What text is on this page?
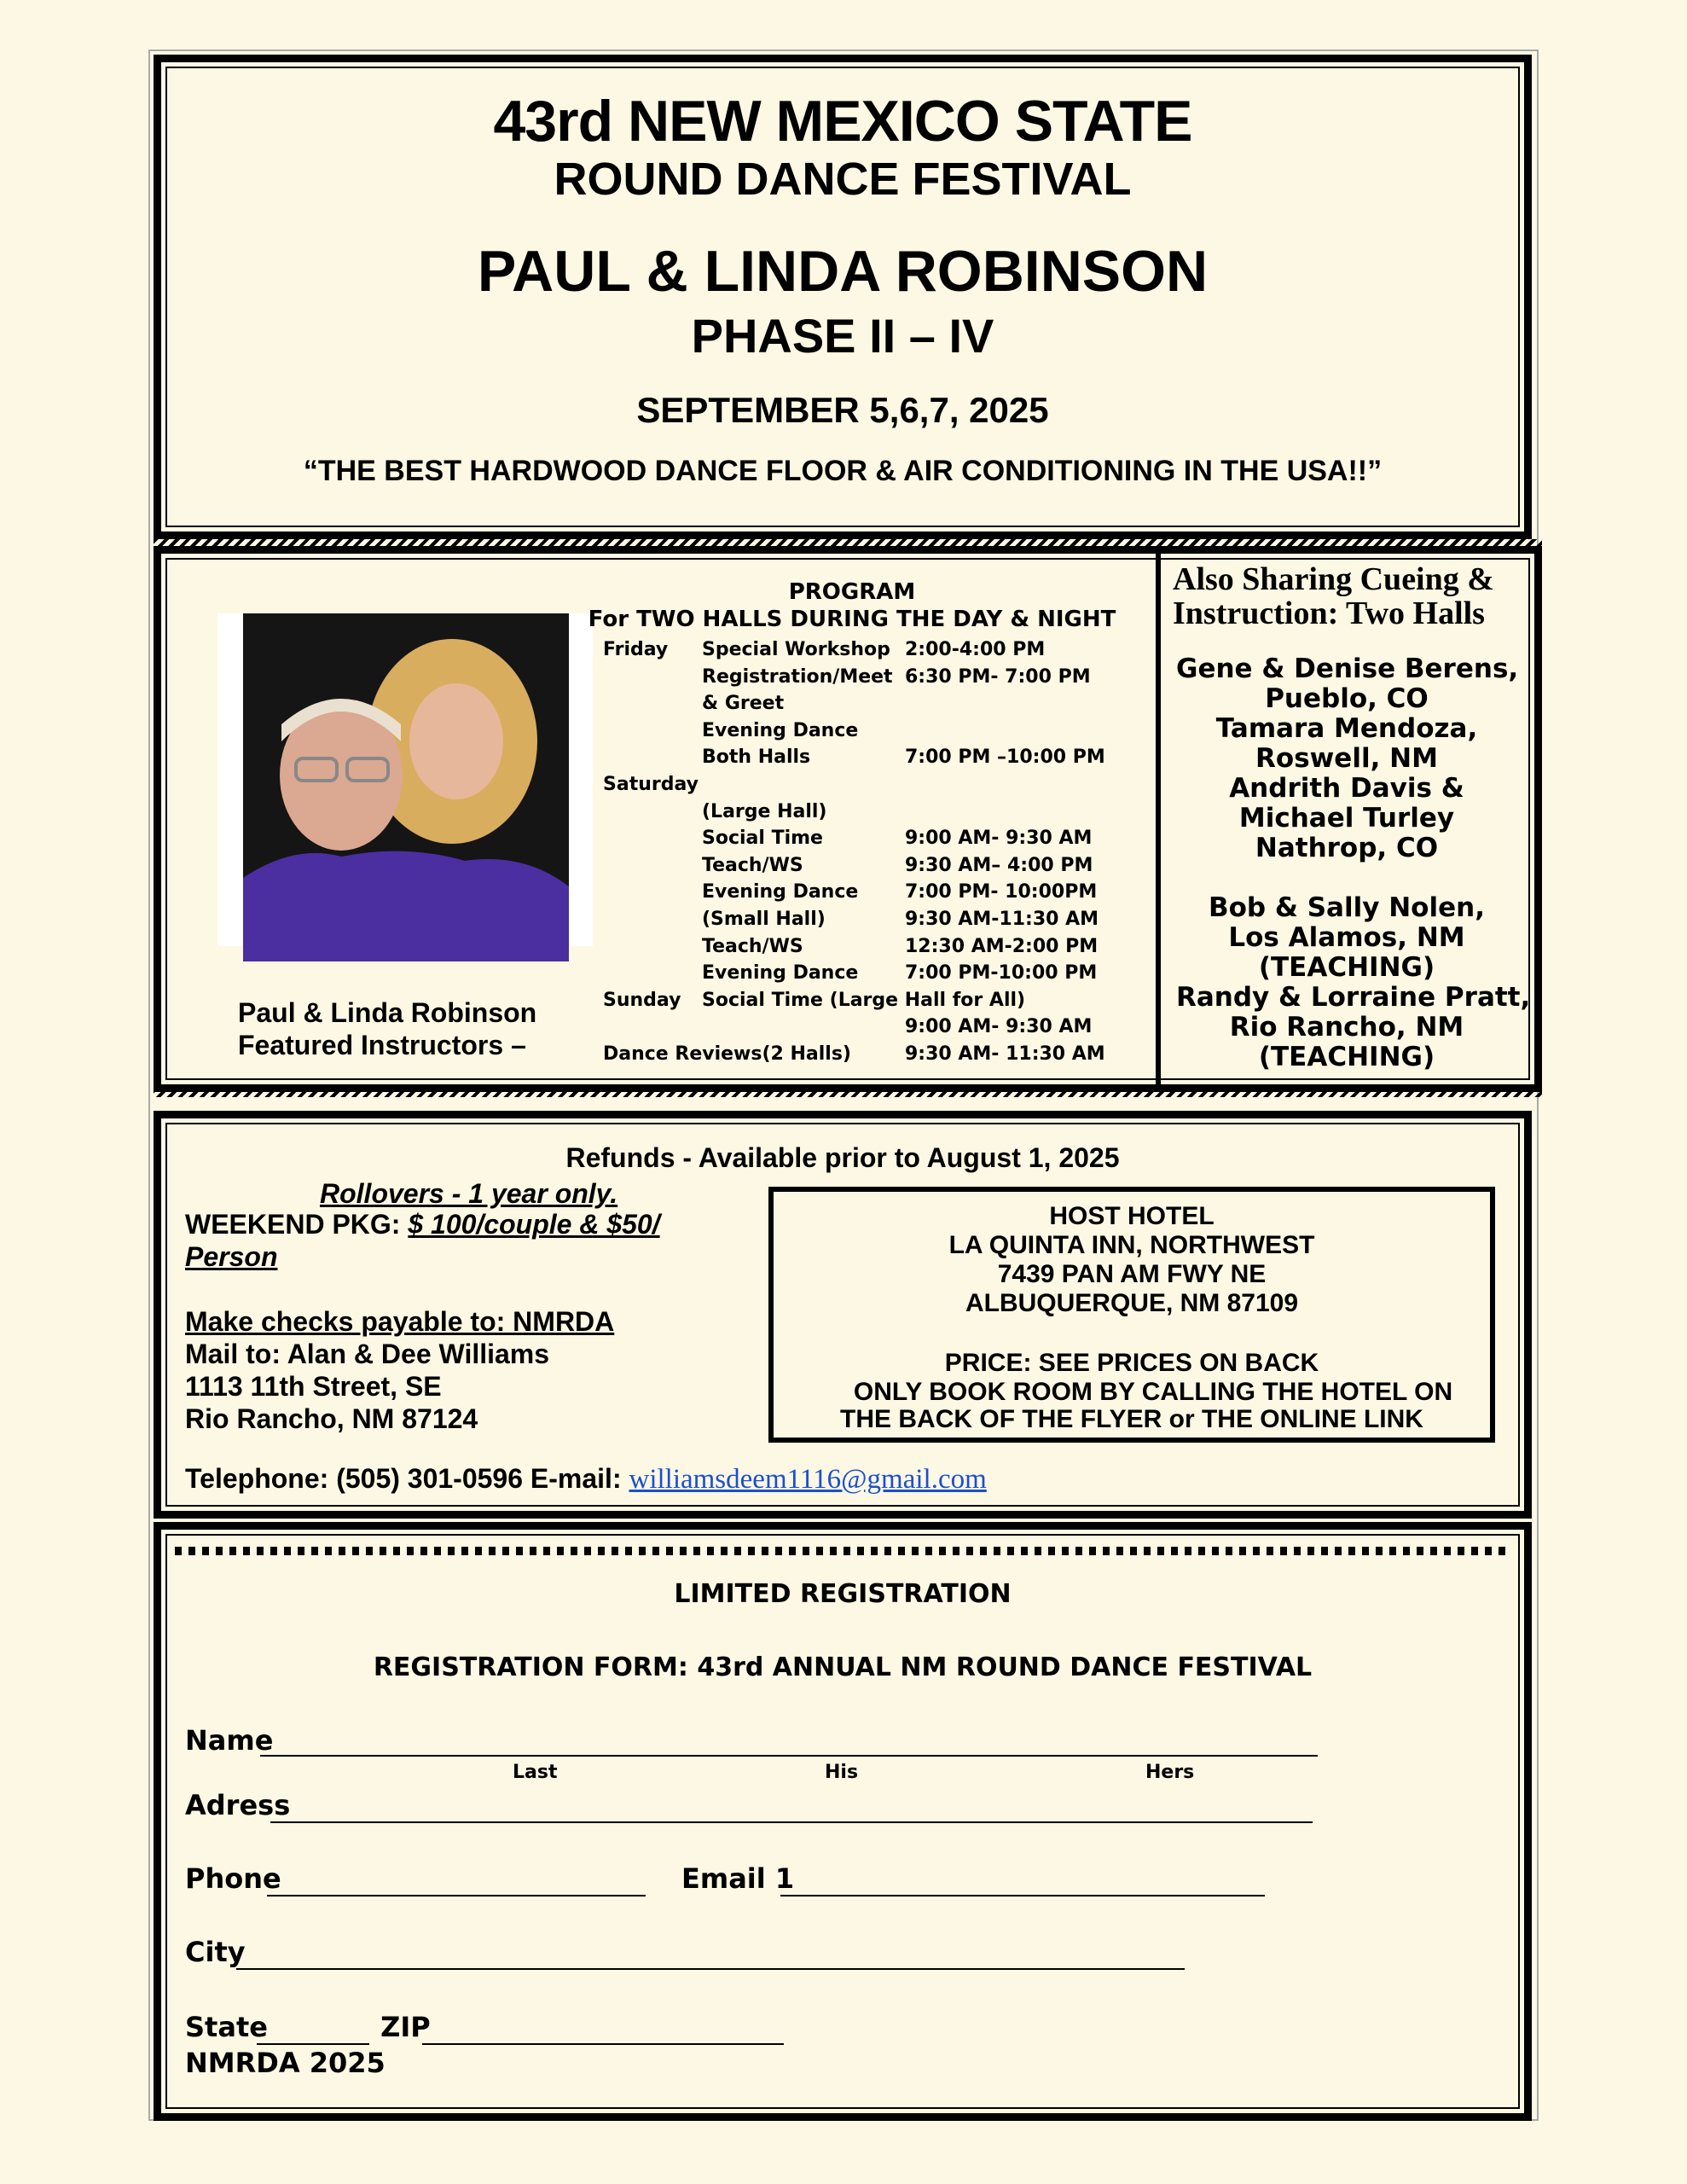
43rd NEW MEXICO STATE
ROUND DANCE FESTIVAL
PAUL & LINDA ROBINSON
PHASE II – IV
SEPTEMBER 5,6,7, 2025
“THE BEST HARDWOOD DANCE FLOOR & AIR CONDITIONING IN THE USA!!”
Paul & Linda Robinson
Featured Instructors –
PROGRAM
For TWO HALLS DURING THE DAY & NIGHT
Friday Special Workshop 2:00-4:00 PM
Registration/Meet 6:30 PM- 7:00 PM
& Greet
Evening Dance
Both Halls	7:00 PM –10:00 PM
Saturday
(Large Hall)
Social Time	9:00 AM- 9:30 AM
Teach/WS	9:30 AM– 4:00 PM
Evening Dance 7:00 PM- 10:00PM
(Small Hall)	9:30 AM-11:30 AM
Teach/WS	12:30 AM-2:00 PM
Evening Dance 7:00 PM-10:00 PM
Sunday Social Time (Large Hall for All)
9:00 AM- 9:30 AM
Dance Reviews(2 Halls)	9:30 AM- 11:30 AM
Also Sharing Cueing &
Instruction: Two Halls
Gene & Denise Berens,
Pueblo, CO
Tamara Mendoza,
Roswell, NM
Andrith Davis &
Michael Turley
Nathrop, CO
Bob & Sally Nolen,
Los Alamos, NM
(TEACHING)
Randy & Lorraine Pratt,
Rio Rancho, NM
(TEACHING)
Refunds - Available prior to August 1, 2025
Rollovers - 1 year only.
WEEKEND PKG: $ 100/couple & $50/
Person
Make checks payable to: NMRDA
Mail to: Alan & Dee Williams
1113 11th Street, SE
Rio Rancho, NM 87124
Telephone: (505) 301-0596 E-mail: williamsdeem1116@gmail.com
HOST HOTEL
LA QUINTA INN, NORTHWEST
7439 PAN AM FWY NE
ALBUQUERQUE, NM 87109
PRICE: SEE PRICES ON BACK
ONLY BOOK ROOM BY CALLING THE HOTEL ON
THE BACK OF THE FLYER or THE ONLINE LINK
LIMITED REGISTRATION
REGISTRATION FORM: 43rd ANNUAL NM ROUND DANCE FESTIVAL
Name
Last	His	Hers
Adress
Phone	Email 1
City
State	ZIP
NMRDA 2025
